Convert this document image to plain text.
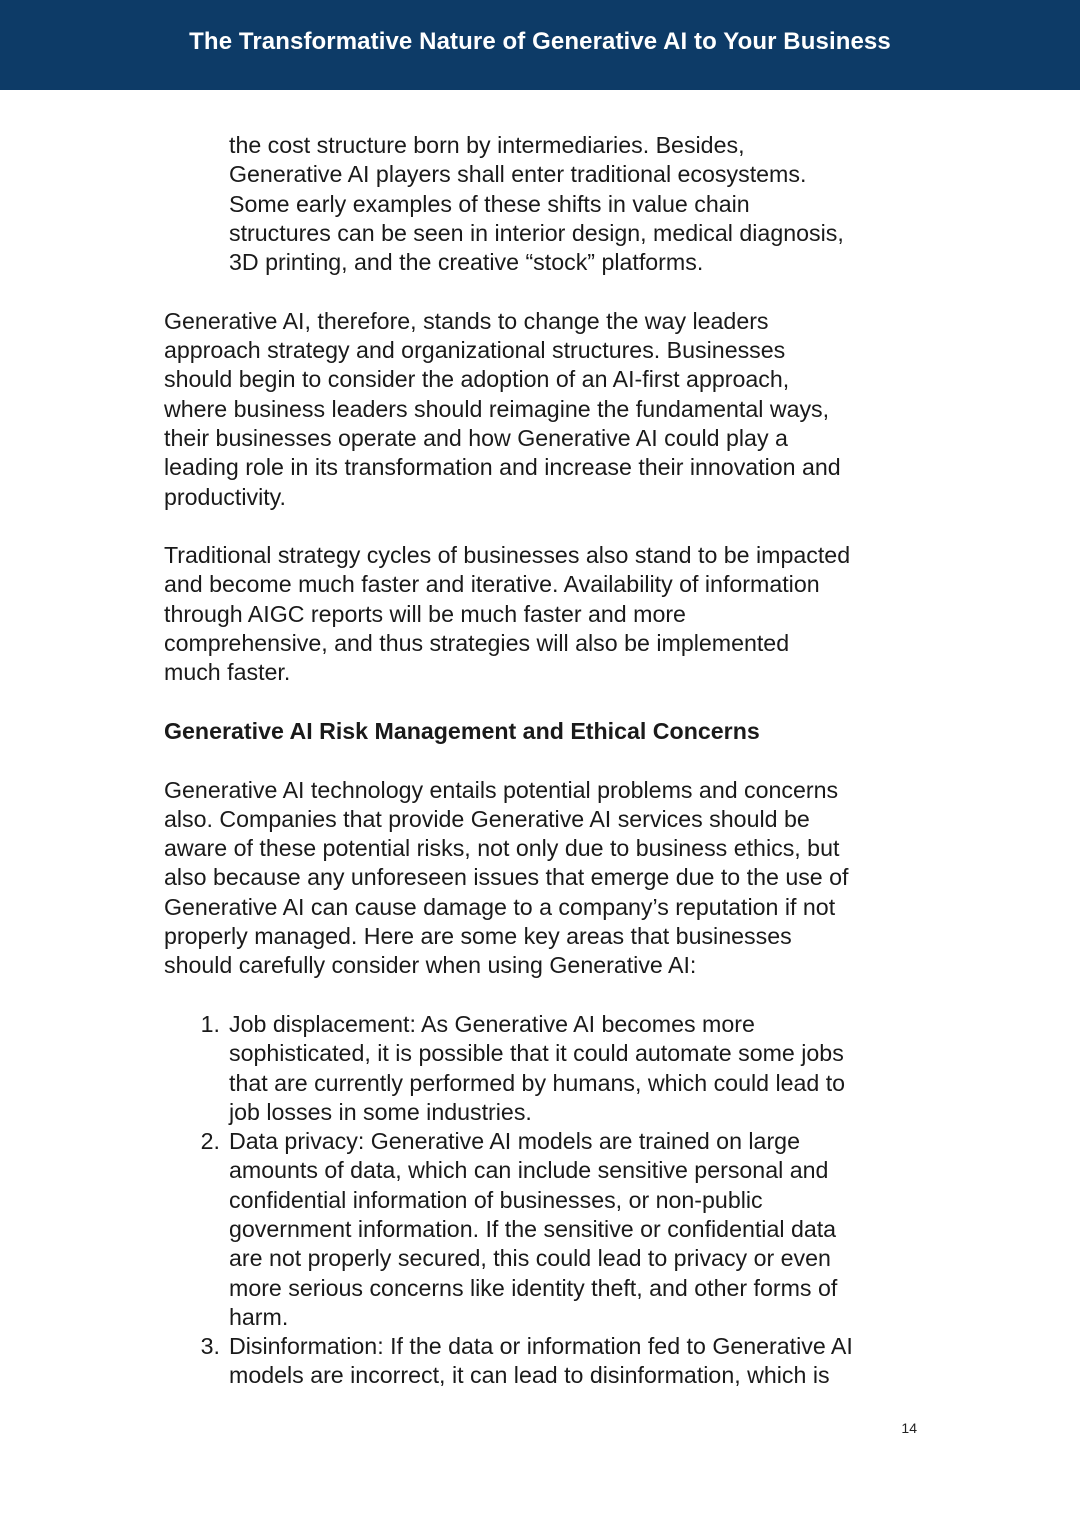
The Transformative Nature of Generative AI to Your Business

the cost structure born by intermediaries. Besides,

Generative AI players shall enter traditional ecosystems.

Some early examples of these shifts in value chain

structures can be seen in interior design, medical diagnosis,

3D printing, and the creative “stock” platforms.

Generative AI, therefore, stands to change the way leaders

approach strategy and organizational structures. Businesses

should begin to consider the adoption of an AI-first approach,

where business leaders should reimagine the fundamental ways,

their businesses operate and how Generative AI could play a

leading role in its transformation and increase their innovation and

productivity.

Traditional strategy cycles of businesses also stand to be impacted

and become much faster and iterative. Availability of information

through AIGC reports will be much faster and more

comprehensive, and thus strategies will also be implemented

much faster.

Generative AI Risk Management and Ethical Concerns

Generative AI technology entails potential problems and concerns

also. Companies that provide Generative AI services should be

aware of these potential risks, not only due to business ethics, but

also because any unforeseen issues that emerge due to the use of

Generative AI can cause damage to a company’s reputation if not

properly managed. Here are some key areas that businesses

should carefully consider when using Generative AI:

1. Job displacement: As Generative AI becomes more

sophisticated, it is possible that it could automate some jobs

that are currently performed by humans, which could lead to

job losses in some industries.

2. Data privacy: Generative AI models are trained on large

amounts of data, which can include sensitive personal and

confidential information of businesses, or non-public

government information. If the sensitive or confidential data

are not properly secured, this could lead to privacy or even

more serious concerns like identity theft, and other forms of

harm.

3. Disinformation: If the data or information fed to Generative AI

models are incorrect, it can lead to disinformation, which is

14
